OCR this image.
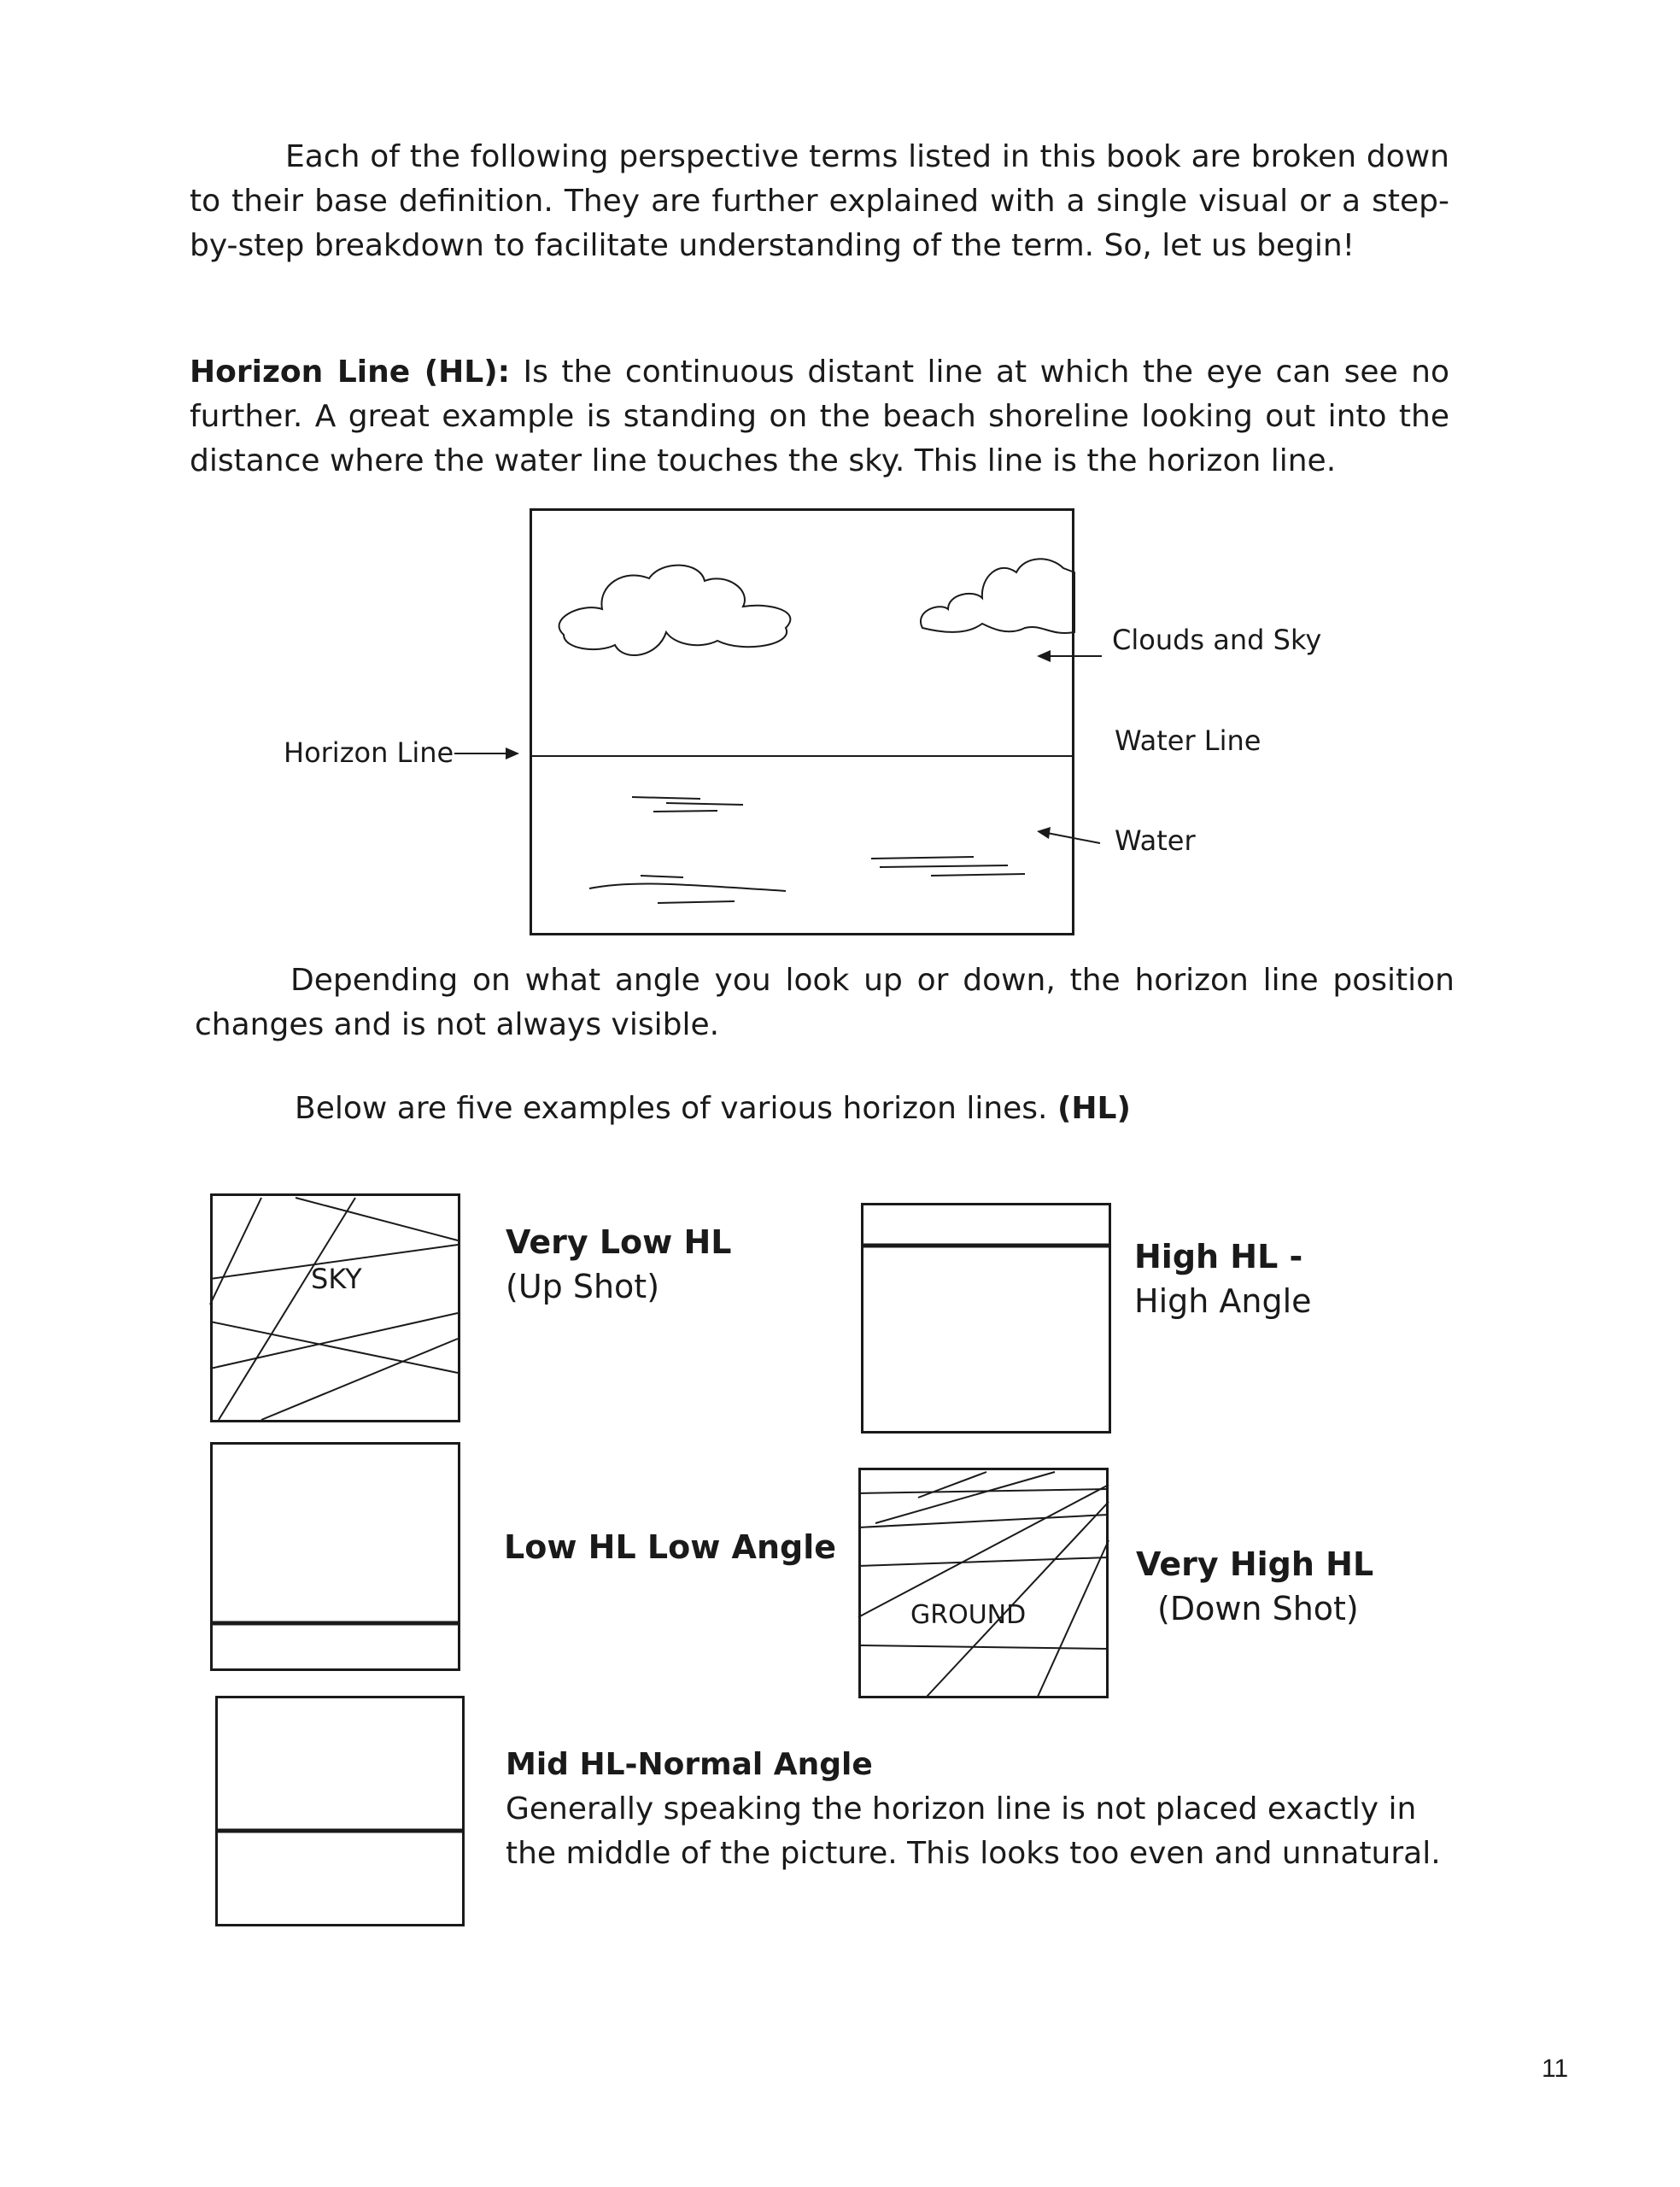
Each of the following perspective terms listed in this book are broken down to their base definition. They are further explained with a single visual or a step-by-step breakdown to facilitate understanding of the term. So, let us begin!

Horizon Line (HL): Is the continuous distant line at which the eye can see no further. A great example is standing on the beach shoreline looking out into the distance where the water line touches the sky. This line is the horizon line.

Horizon Line
Clouds and Sky
Water Line
Water

Depending on what angle you look up or down, the horizon line position changes and is not always visible.

Below are five examples of various horizon lines. (HL)

SKY
Very Low HL
(Up Shot)
High HL -
High Angle
Low HL Low Angle
GROUND
Very High HL
(Down Shot)
Mid HL-Normal Angle
Generally speaking the horizon line is not placed exactly in the middle of the picture. This looks too even and unnatural.
11
